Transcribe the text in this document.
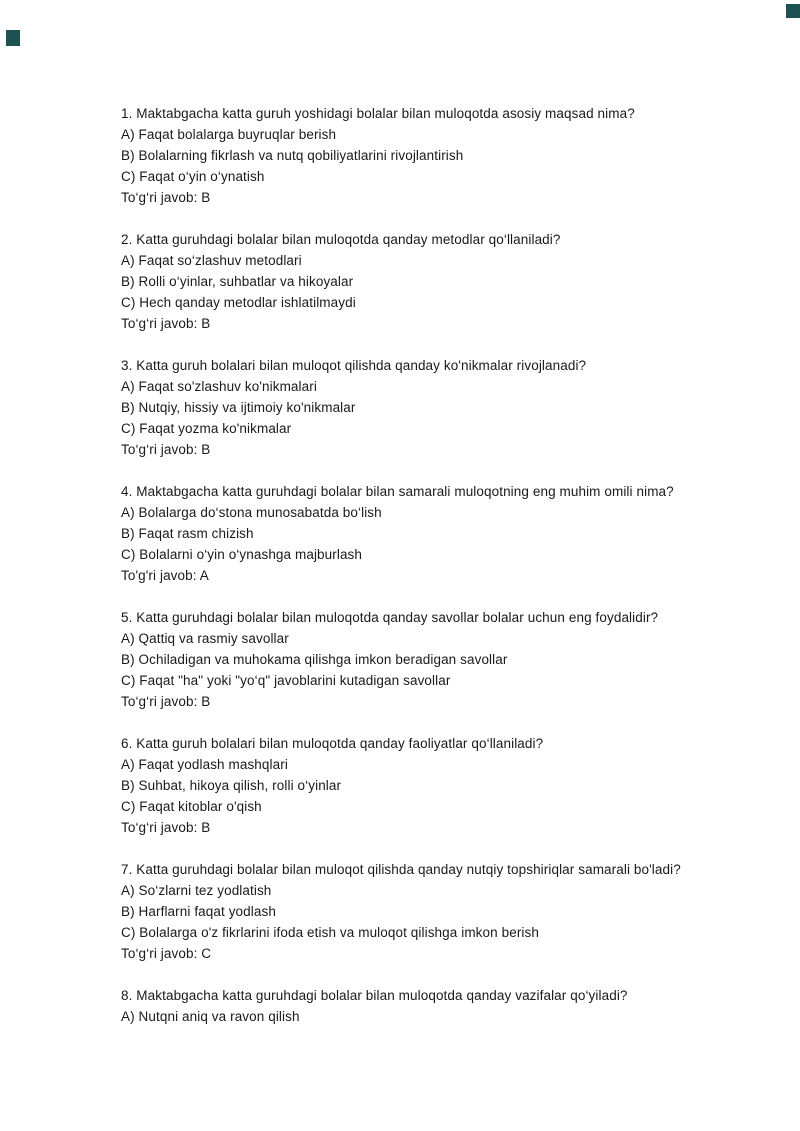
1. Maktabgacha katta guruh yoshidagi bolalar bilan muloqotda asosiy maqsad nima?
A) Faqat bolalarga buyruqlar berish
B) Bolalarning fikrlash va nutq qobiliyatlarini rivojlantirish
C) Faqat o‘yin o‘ynatish
To‘g‘ri javob: B
2. Katta guruhdagi bolalar bilan muloqotda qanday metodlar qo‘llaniladi?
A) Faqat so‘zlashuv metodlari
B) Rolli o‘yinlar, suhbatlar va hikoyalar
C) Hech qanday metodlar ishlatilmaydi
To‘g‘ri javob: B
3. Katta guruh bolalari bilan muloqot qilishda qanday ko'nikmalar rivojlanadi?
A) Faqat so'zlashuv ko'nikmalari
B) Nutqiy, hissiy va ijtimoiy ko'nikmalar
C) Faqat yozma ko'nikmalar
To‘g‘ri javob: B
4. Maktabgacha katta guruhdagi bolalar bilan samarali muloqotning eng muhim omili nima?
A) Bolalarga do‘stona munosabatda bo‘lish
B) Faqat rasm chizish
C) Bolalarni o‘yin o‘ynashga majburlash
To'g'ri javob: A
5. Katta guruhdagi bolalar bilan muloqotda qanday savollar bolalar uchun eng foydalidir?
A) Qattiq va rasmiy savollar
B) Ochiladigan va muhokama qilishga imkon beradigan savollar
C) Faqat "ha" yoki "yo‘q" javoblarini kutadigan savollar
To‘g‘ri javob: B
6. Katta guruh bolalari bilan muloqotda qanday faoliyatlar qo‘llaniladi?
A) Faqat yodlash mashqlari
B) Suhbat, hikoya qilish, rolli o‘yinlar
C) Faqat kitoblar o'qish
To‘g‘ri javob: B
7. Katta guruhdagi bolalar bilan muloqot qilishda qanday nutqiy topshiriqlar samarali bo'ladi?
A) So‘zlarni tez yodlatish
B) Harflarni faqat yodlash
C) Bolalarga o'z fikrlarini ifoda etish va muloqot qilishga imkon berish
To‘g‘ri javob: C
8. Maktabgacha katta guruhdagi bolalar bilan muloqotda qanday vazifalar qo‘yiladi?
A) Nutqni aniq va ravon qilish
